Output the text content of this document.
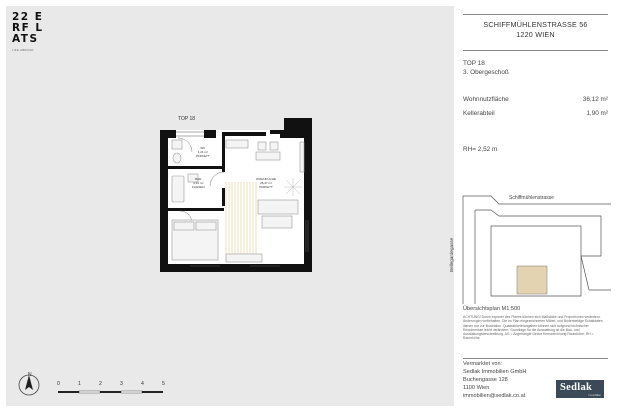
22 E
RF L
ATS
LIFE ABROAD
TOP 18
WC
1,21 m²
PARKETT
BAD
4,34 m²
FLIESEN
WOHNKÜCHE
28,47 m²
PARKETT
N
0	1	2	3	4	5
SCHIFFMÜHLENSTRASSE 56
1220 WIEN
TOP 18
3. Obergeschoß
Wohnnutzfläche	36,12 m²
Kellerabteil	1,90 m²
RH= 2,52 m
Schiffmühlenstrasse
Bellegardegasse
Übersichtsplan M1:500
ACHTUNG! Durch explorer des Planes können sich Maßstäbe und Proportionen verändern. Änderungen vorbehalten. Die im Plan eingezeichneten Möbel- und Bodenbeläge Schaltdaten dienen nur zur Illustration. Quadratmeterangaben können sich aufgrund technischer Erfordernisse leicht verändern. Grundlage für die Ausstattung ist die Bau- und Ausstattungsbeschreibung. AG = Abgehängte Decke Kennzeichnung Raumhöhe; RH = Raumhöhe
Vermarktet von:
Sedlak Immobilien GmbH
Buchengasse 128
1100 Wien
immobilien@sedlak.co.at
Sedlak
Immobilien
